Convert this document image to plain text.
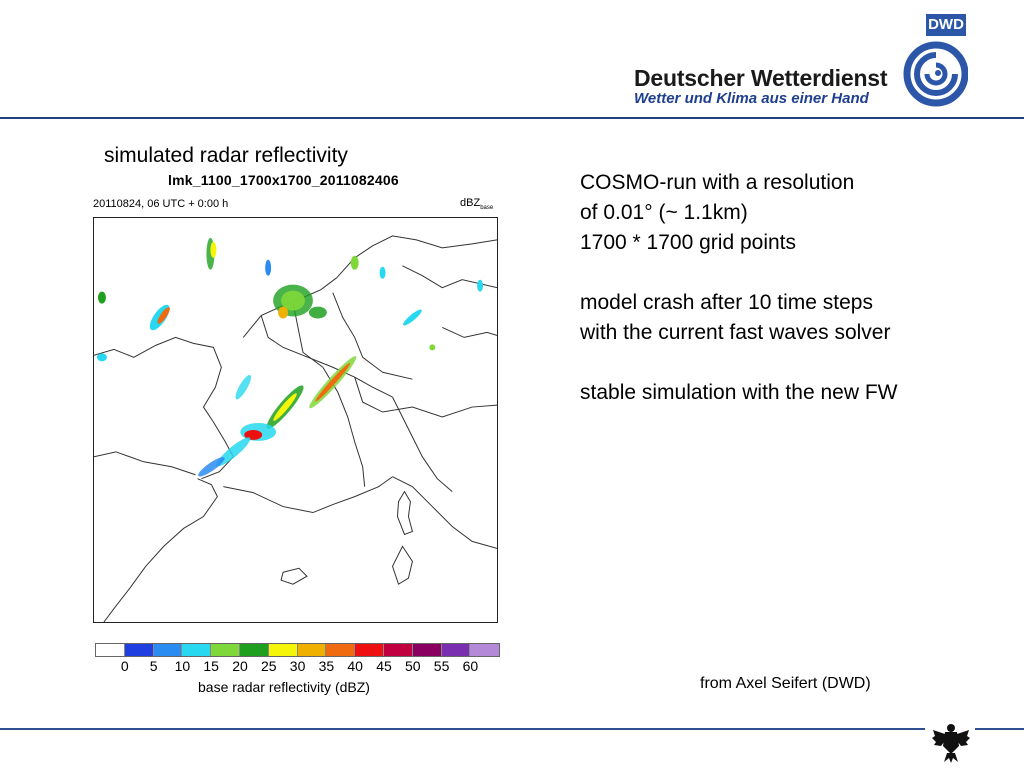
Deutscher Wetterdienst
Wetter und Klima aus einer Hand
DWD
simulated radar reflectivity
lmk_1100_1700x1700_2011082406
20110824, 06 UTC + 0:00 h	dBZ$_{base}$
0 5 10 15 20 25 30 35 40 45 50 55 60
base radar reflectivity (dBZ)

COSMO-run with a resolution

of 0.01° (~ 1.1km)

1700 * 1700 grid points

model crash after 10 time steps

with the current fast waves solver

stable simulation with the new FW

from Axel Seifert (DWD)
